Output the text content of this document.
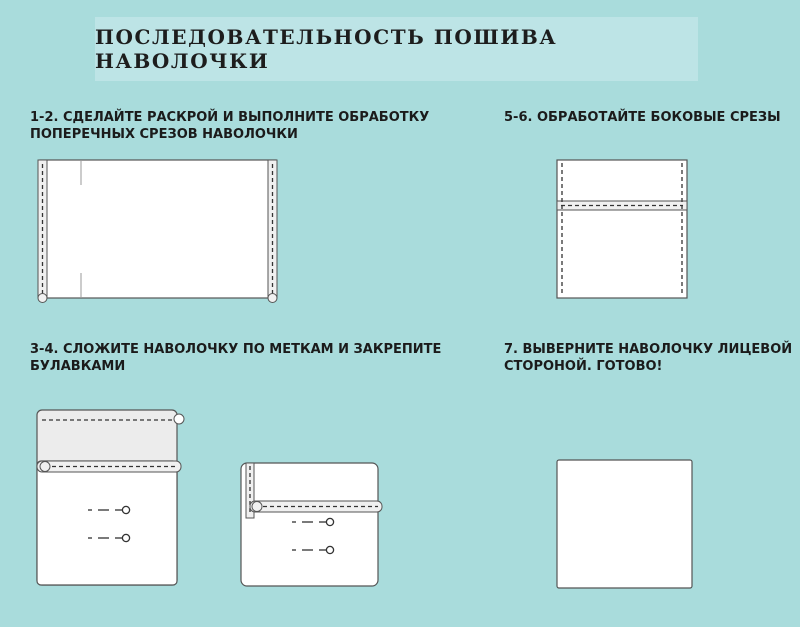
ПОСЛЕДОВАТЕЛЬНОСТЬ ПОШИВА НАВОЛОЧКИ

1-2. СДЕЛАЙТЕ РАСКРОЙ И ВЫПОЛНИТЕ ОБРАБОТКУ
ПОПЕРЕЧНЫХ СРЕЗОВ НАВОЛОЧКИ

5-6. ОБРАБОТАЙТЕ БОКОВЫЕ СРЕЗЫ

3-4. СЛОЖИТЕ НАВОЛОЧКУ ПО МЕТКАМ И ЗАКРЕПИТЕ
БУЛАВКАМИ

7. ВЫВЕРНИТЕ НАВОЛОЧКУ ЛИЦЕВОЙ
СТОРОНОЙ. ГОТОВО!
